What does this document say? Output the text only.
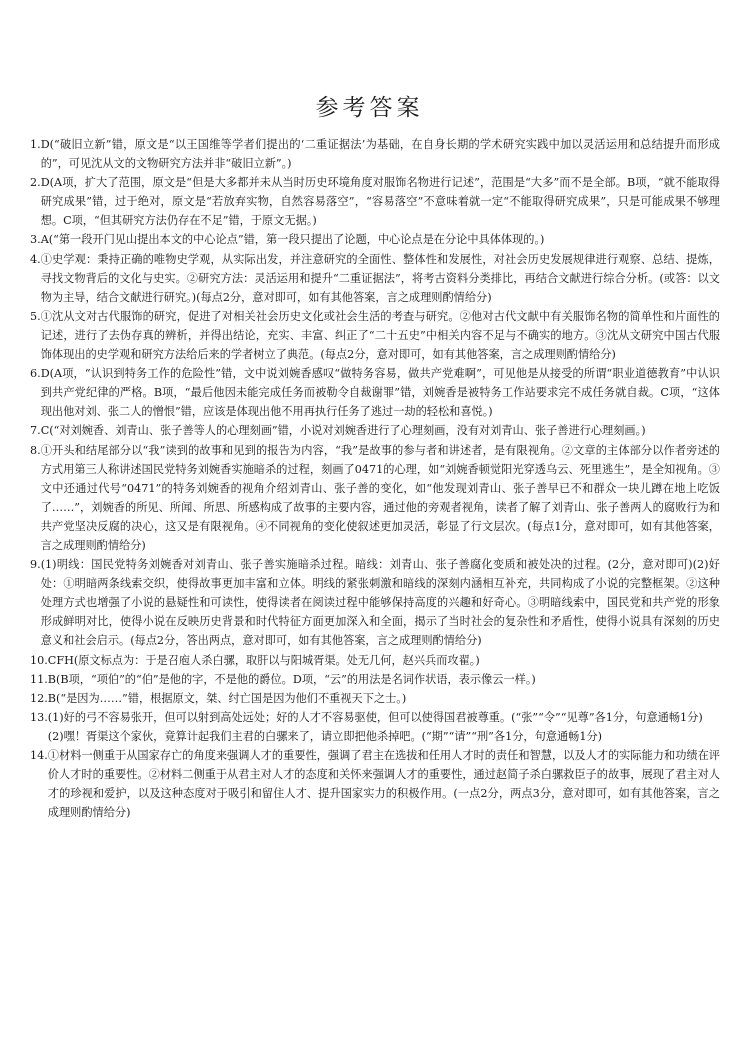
参考答案
1. D(“破旧立新”错，原文是“以王国维等学者们提出的‘二重证据法’为基础，在自身长期的学术研究实践中加以灵活运用和总结提升而形成的”，可见沈从文的文物研究方法并非“破旧立新”。)
2. D(A项，扩大了范围，原文是“但是大多都并未从当时历史环境角度对服饰名物进行记述”，范围是“大多”而不是全部。B项，“就不能取得研究成果”错，过于绝对，原文是“若放弃实物，自然容易落空”，“容易落空”不意味着就一定“不能取得研究成果”，只是可能成果不够理想。C项，“但其研究方法仍存在不足”错，于原文无据。)
3. A(“第一段开门见山提出本文的中心论点”错，第一段只提出了论题，中心论点是在分论中具体体现的。)
4. ①史学观：秉持正确的唯物史学观，从实际出发，并注意研究的全面性、整体性和发展性，对社会历史发展规律进行观察、总结、提炼，寻找文物背后的文化与史实。②研究方法：灵活运用和提升“二重证据法”，将考古资料分类排比，再结合文献进行综合分析。(或答：以文物为主导，结合文献进行研究。)(每点2分，意对即可，如有其他答案，言之成理则酌情给分)
5. ①沈从文对古代服饰的研究，促进了对相关社会历史文化或社会生活的考查与研究。②他对古代文献中有关服饰名物的简单性和片面性的记述，进行了去伪存真的辨析，并得出结论，充实、丰富、纠正了“二十五史”中相关内容不足与不确实的地方。③沈从文研究中国古代服饰体现出的史学观和研究方法给后来的学者树立了典范。(每点2分，意对即可，如有其他答案，言之成理则酌情给分)
6. D(A项，“认识到特务工作的危险性”错，文中说刘婉香感叹“做特务容易，做共产党难啊”，可见他是从接受的所谓“职业道德教育”中认识到共产党纪律的严格。B项，“最后他因未能完成任务而被勒令自裁谢罪”错，刘婉香是被特务工作站要求完不成任务就自裁。C项，“这体现出他对刘、张二人的憎恨”错，应该是体现出他不用再执行任务了逃过一劫的轻松和喜悦。)
7. C(“对刘婉香、刘青山、张子善等人的心理刻画”错，小说对刘婉香进行了心理刻画，没有对刘青山、张子善进行心理刻画。)
8. ①开头和结尾部分以“我”读到的故事和见到的报告为内容，“我”是故事的参与者和讲述者，是有限视角。②文章的主体部分以作者旁述的方式用第三人称讲述国民党特务刘婉香实施暗杀的过程，刻画了0471的心理，如“刘婉香顿觉阳光穿透乌云、死里逃生”，是全知视角。③文中还通过代号“0471”的特务刘婉香的视角介绍刘青山、张子善的变化，如“他发现刘青山、张子善早已不和群众一块儿蹲在地上吃饭了……”，刘婉香的所见、所闻、所思、所感构成了故事的主要内容，通过他的旁观者视角，读者了解了刘青山、张子善两人的腐败行为和共产党坚决反腐的决心，这又是有限视角。④不同视角的变化使叙述更加灵活，彰显了行文层次。(每点1分，意对即可，如有其他答案，言之成理则酌情给分)
9. (1)明线：国民党特务刘婉香对刘青山、张子善实施暗杀过程。暗线：刘青山、张子善腐化变质和被处决的过程。(2分，意对即可)(2)好处：①明暗两条线索交织，使得故事更加丰富和立体。明线的紧张刺激和暗线的深刻内涵相互补充，共同构成了小说的完整框架。②这种处理方式也增强了小说的悬疑性和可读性，使得读者在阅读过程中能够保持高度的兴趣和好奇心。③明暗线索中，国民党和共产党的形象形成鲜明对比，使得小说在反映历史背景和时代特征方面更加深入和全面，揭示了当时社会的复杂性和矛盾性，使得小说具有深刻的历史意义和社会启示。(每点2分，答出两点，意对即可，如有其他答案，言之成理则酌情给分)
10. CFH(原文标点为：于是召庖人杀白骡，取肝以与阳城胥渠。处无几何，赵兴兵而攻翟。)
11. B(B项，“项伯”的“伯”是他的字，不是他的爵位。D项，“云”的用法是名词作状语，表示像云一样。)
12. B(“是因为……”错，根据原文，桀、纣亡国是因为他们不重视天下之士。)
13. (1)好的弓不容易张开，但可以射到高处远处；好的人才不容易驱使，但可以使得国君被尊重。(“张”“令”“见尊”各1分，句意通畅1分)
(2)嘿！胥渠这个家伙，竟算计起我们主君的白骡来了，请立即把他杀掉吧。(“期”“请”“刑”各1分，句意通畅1分)
14. ①材料一侧重于从国家存亡的角度来强调人才的重要性，强调了君主在选拔和任用人才时的责任和智慧，以及人才的实际能力和功绩在评价人才时的重要性。②材料二侧重于从君主对人才的态度和关怀来强调人才的重要性，通过赵简子杀白骡救臣子的故事，展现了君主对人才的珍视和爱护，以及这种态度对于吸引和留住人才、提升国家实力的积极作用。(一点2分，两点3分，意对即可，如有其他答案，言之成理则酌情给分)
